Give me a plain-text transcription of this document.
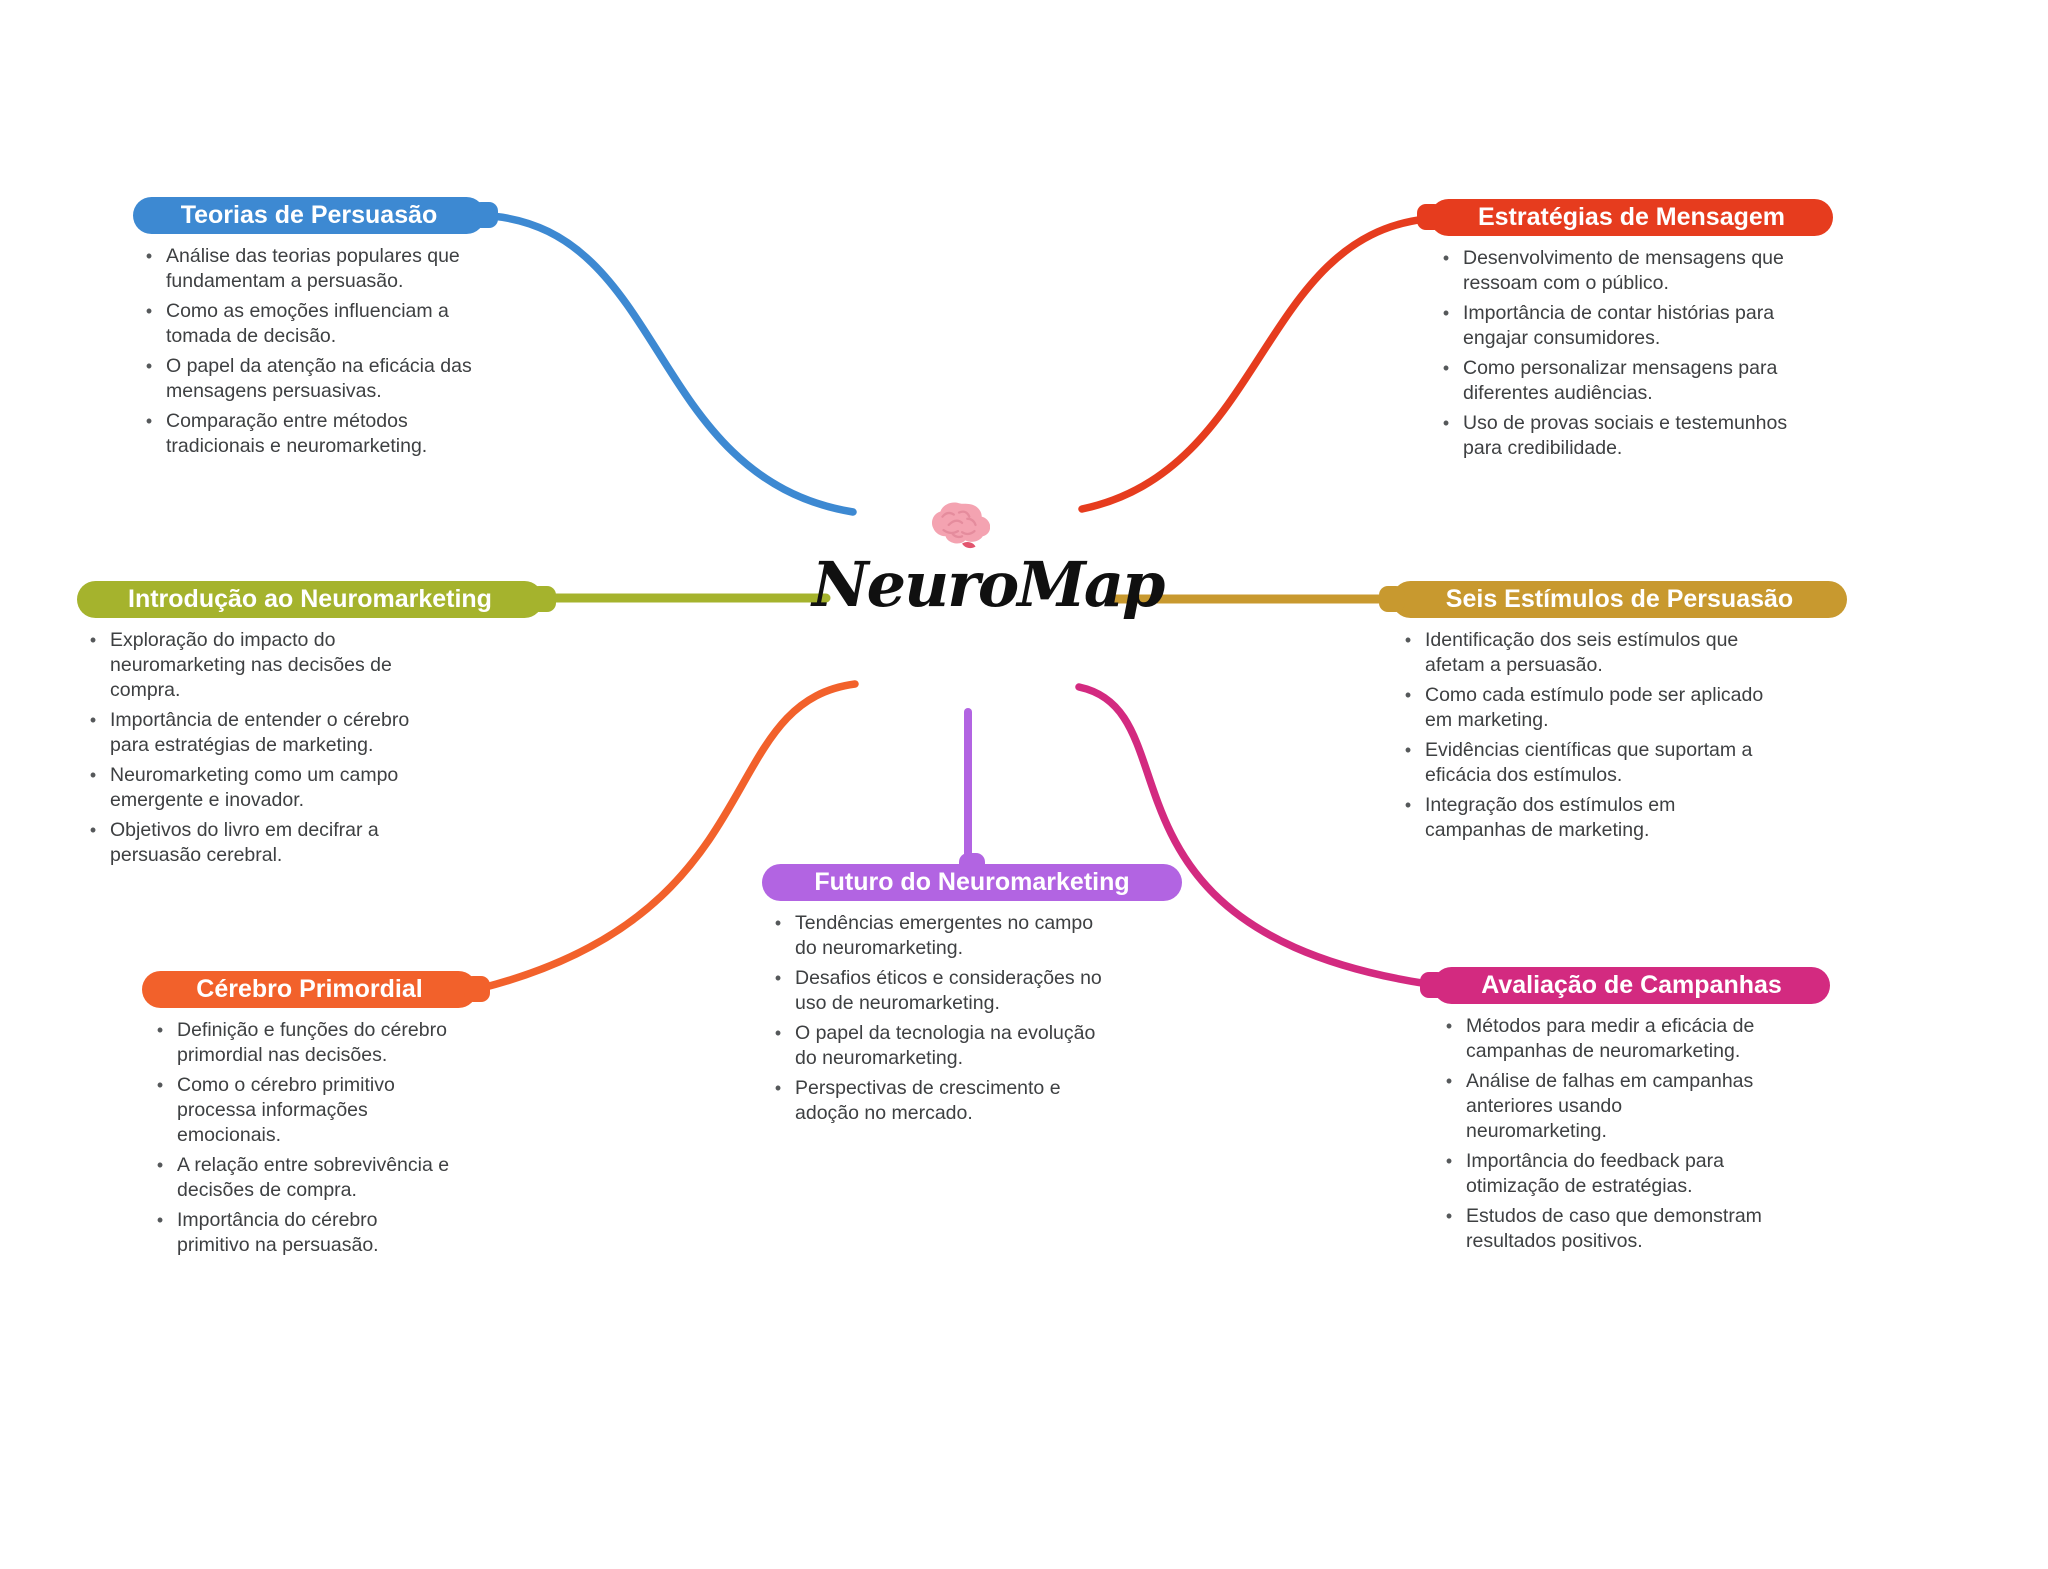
NeuroMap
Teorias de Persuasão
• Análise das teorias populares que fundamentam a persuasão.
• Como as emoções influenciam a tomada de decisão.
• O papel da atenção na eficácia das mensagens persuasivas.
• Comparação entre métodos tradicionais e neuromarketing.
Estratégias de Mensagem
• Desenvolvimento de mensagens que ressoam com o público.
• Importância de contar histórias para engajar consumidores.
• Como personalizar mensagens para diferentes audiências.
• Uso de provas sociais e testemunhos para credibilidade.
Introdução ao Neuromarketing
• Exploração do impacto do neuromarketing nas decisões de compra.
• Importância de entender o cérebro para estratégias de marketing.
• Neuromarketing como um campo emergente e inovador.
• Objetivos do livro em decifrar a persuasão cerebral.
Seis Estímulos de Persuasão
• Identificação dos seis estímulos que afetam a persuasão.
• Como cada estímulo pode ser aplicado em marketing.
• Evidências científicas que suportam a eficácia dos estímulos.
• Integração dos estímulos em campanhas de marketing.
Cérebro Primordial
• Definição e funções do cérebro primordial nas decisões.
• Como o cérebro primitivo processa informações emocionais.
• A relação entre sobrevivência e decisões de compra.
• Importância do cérebro primitivo na persuasão.
Futuro do Neuromarketing
• Tendências emergentes no campo do neuromarketing.
• Desafios éticos e considerações no uso de neuromarketing.
• O papel da tecnologia na evolução do neuromarketing.
• Perspectivas de crescimento e adoção no mercado.
Avaliação de Campanhas
• Métodos para medir a eficácia de campanhas de neuromarketing.
• Análise de falhas em campanhas anteriores usando neuromarketing.
• Importância do feedback para otimização de estratégias.
• Estudos de caso que demonstram resultados positivos.
